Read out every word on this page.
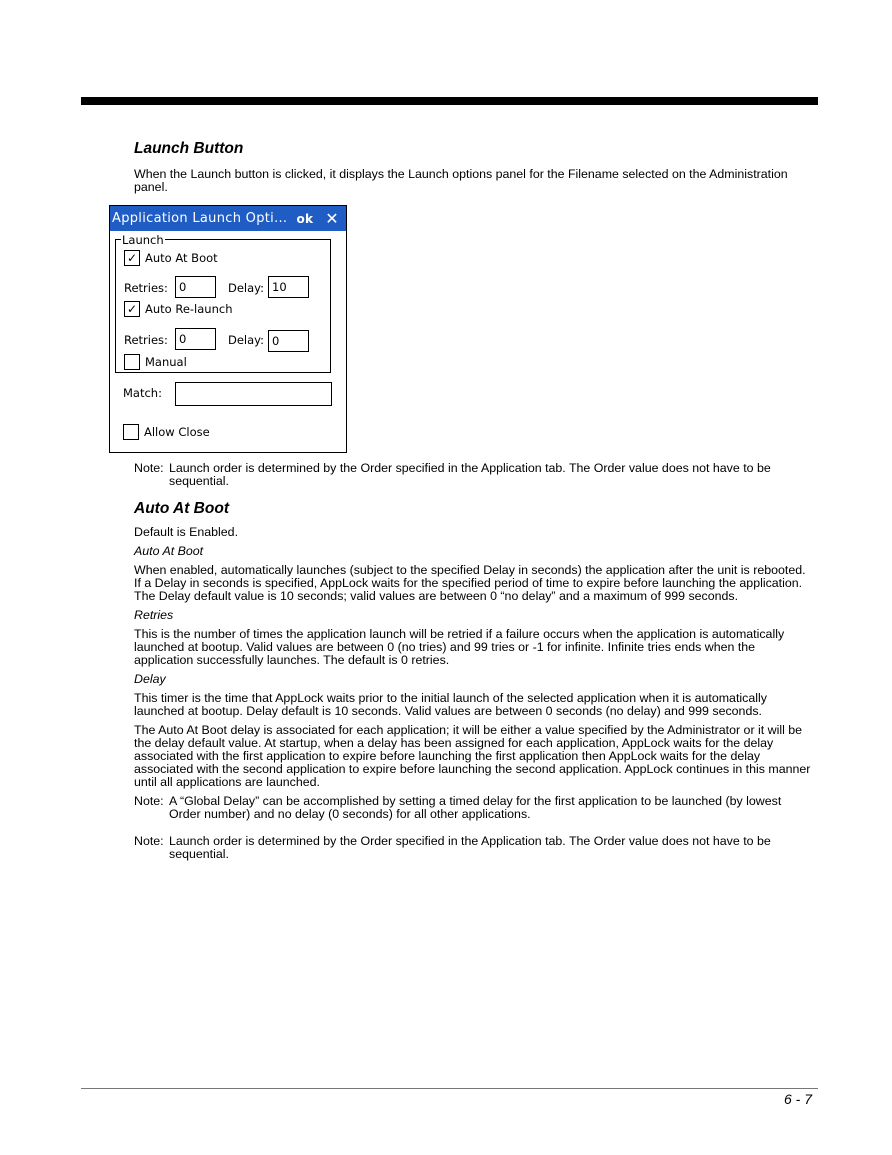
Launch Button

When the Launch button is clicked, it displays the Launch options panel for the Filename selected on the Administration panel.

Note: Launch order is determined by the Order specified in the Application tab. The Order value does not have to be sequential.
Auto At Boot

Default is Enabled.

Auto At Boot

When enabled, automatically launches (subject to the specified Delay in seconds) the application after the unit is rebooted. If a Delay in seconds is specified, AppLock waits for the specified period of time to expire before launching the application. The Delay default value is 10 seconds; valid values are between 0 “no delay” and a maximum of 999 seconds.

Retries

This is the number of times the application launch will be retried if a failure occurs when the application is automatically launched at bootup. Valid values are between 0 (no tries) and 99 tries or -1 for infinite. Infinite tries ends when the application successfully launches. The default is 0 retries.

Delay

This timer is the time that AppLock waits prior to the initial launch of the selected application when it is automatically launched at bootup. Delay default is 10 seconds. Valid values are between 0 seconds (no delay) and 999 seconds.

The Auto At Boot delay is associated for each application; it will be either a value specified by the Administrator or it will be the delay default value. At startup, when a delay has been assigned for each application, AppLock waits for the delay associated with the first application to expire before launching the first application then AppLock waits for the delay associated with the second application to expire before launching the second application. AppLock continues in this manner until all applications are launched.

Note: A “Global Delay” can be accomplished by setting a timed delay for the first application to be launched (by lowest Order number) and no delay (0 seconds) for all other applications.
Note: Launch order is determined by the Order specified in the Application tab. The Order value does not have to be sequential.
Application Launch Opti... ok ✕
Launch
✓ Auto At Boot
Retries: 0	Delay: 10
✓ Auto Re-launch
Retries: 0	Delay: 0
Manual
Match:
Allow Close
6 - 7
